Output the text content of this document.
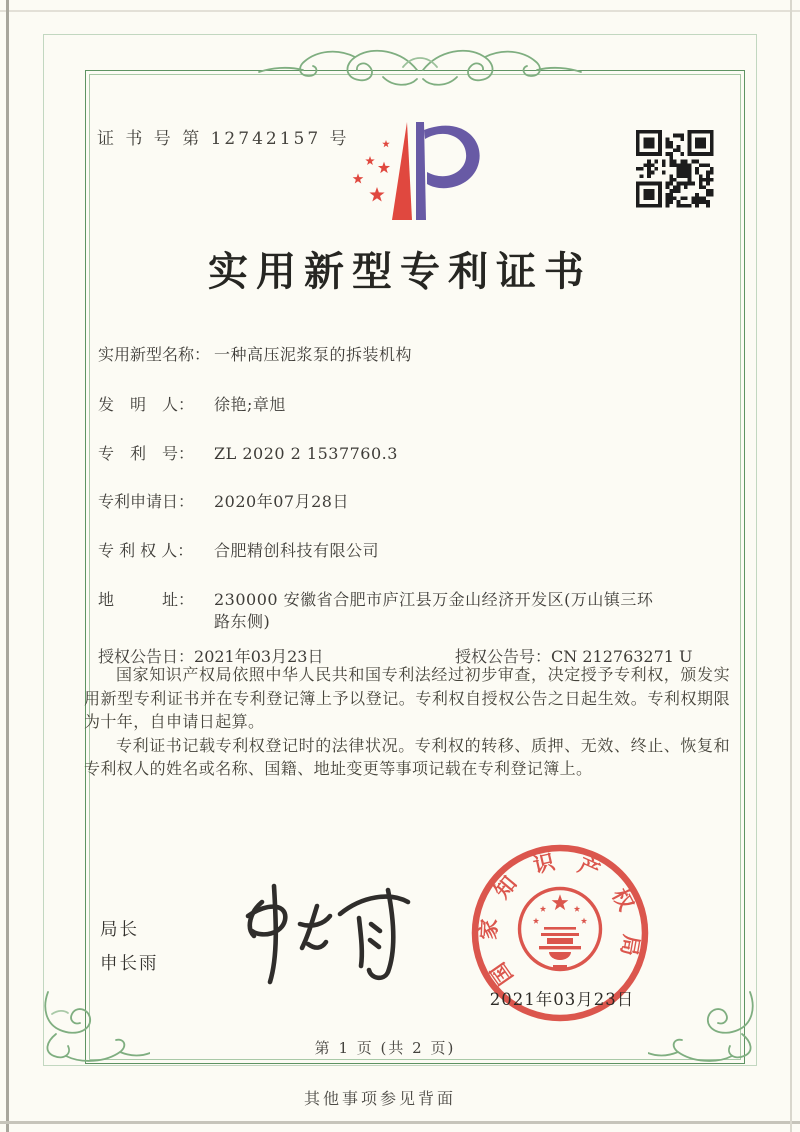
证 书 号 第 12742157 号
实用新型专利证书
实用新型名称： 一种高压泥浆泵的拆装机构
发　明　人： 徐艳;章旭
专　利　号： ZL 2020 2 1537760.3
专利申请日： 2020年07月28日
专 利 权 人： 合肥精创科技有限公司
地　　　址： 230000 安徽省合肥市庐江县万金山经济开发区(万山镇三环路东侧)
授权公告日：2021年03月23日	授权公告号：CN 212763271 U

国家知识产权局依照中华人民共和国专利法经过初步审查，决定授予专利权，颁发实用新型专利证书并在专利登记簿上予以登记。专利权自授权公告之日起生效。专利权期限为十年，自申请日起算。

专利证书记载专利权登记时的法律状况。专利权的转移、质押、无效、终止、恢复和专利权人的姓名或名称、国籍、地址变更等事项记载在专利登记簿上。

局长
申长雨	国
家
知
识 产
权
局
2021年03月23日
第 1 页 (共 2 页)
其他事项参见背面
